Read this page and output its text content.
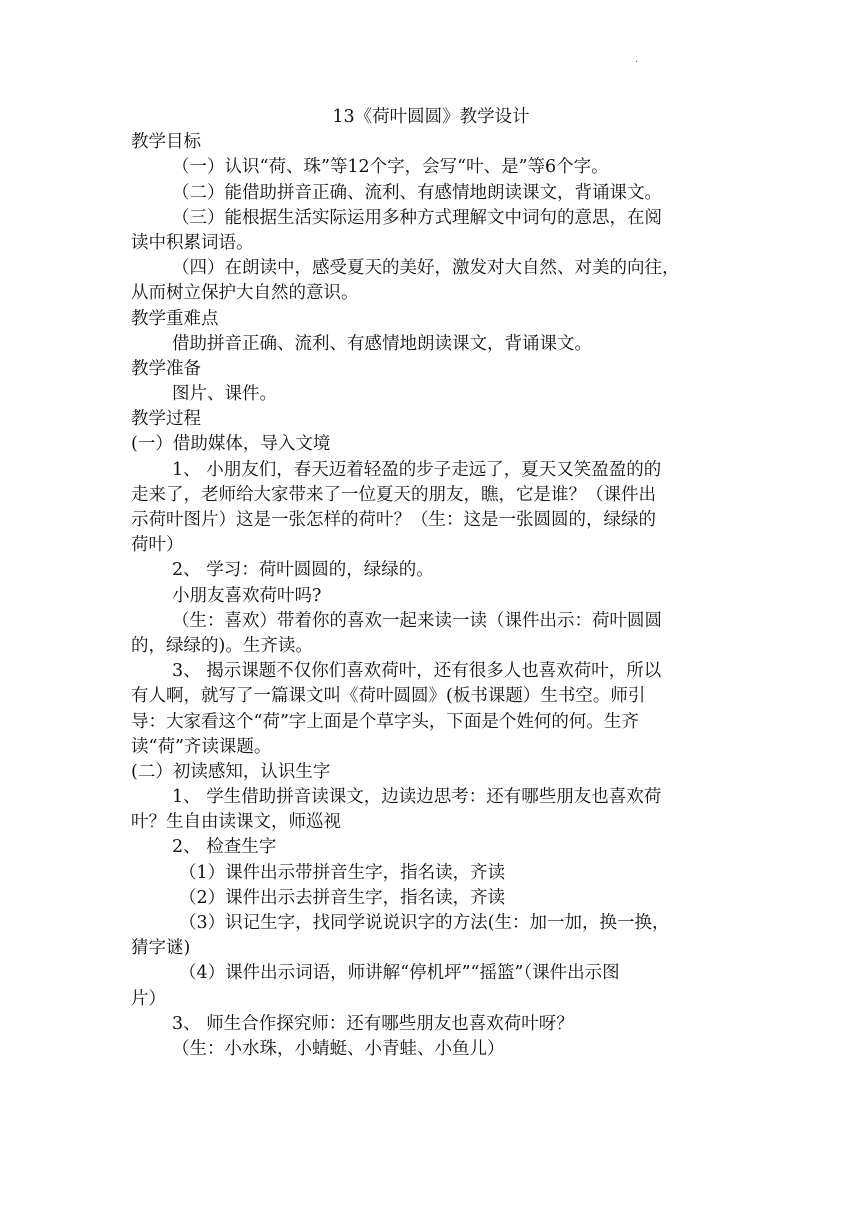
·
13《荷叶圆圆》教学设计
教学目标
（一）认识“荷、珠”等12个字，会写“叶、是”等6个字。
（二）能借助拼音正确、流利、有感情地朗读课文，背诵课文。
（三）能根据生活实际运用多种方式理解文中词句的意思，在阅
读中积累词语。
（四）在朗读中，感受夏天的美好，激发对大自然、对美的向往，
从而树立保护大自然的意识。
教学重难点
借助拼音正确、流利、有感情地朗读课文，背诵课文。
教学准备
图片、课件。
教学过程
(一）借助媒体，导入文境
1、 小朋友们，春天迈着轻盈的步子走远了，夏天又笑盈盈的的
走来了，老师给大家带来了一位夏天的朋友，瞧，它是谁？（课件出
示荷叶图片）这是一张怎样的荷叶？（生：这是一张圆圆的，绿绿的
荷叶）
2、 学习：荷叶圆圆的，绿绿的。
小朋友喜欢荷叶吗?
（生：喜欢）带着你的喜欢一起来读一读（课件出示：荷叶圆圆
的，绿绿的)。生齐读。
3、 揭示课题不仅你们喜欢荷叶，还有很多人也喜欢荷叶，所以
有人啊，就写了一篇课文叫《荷叶圆圆》(板书课题）生书空。师引
导：大家看这个“荷”字上面是个草字头，下面是个姓何的何。生齐
读“荷”齐读课题。
(二）初读感知，认识生字
1、 学生借助拼音读课文，边读边思考：还有哪些朋友也喜欢荷
叶？生自由读课文，师巡视
2、 检查生字
（1）课件出示带拼音生字，指名读，齐读
（2）课件出示去拼音生字，指名读，齐读
（3）识记生字，找同学说说识字的方法(生：加一加，换一换，
猜字谜)
（4）课件出示词语，师讲解“停机坪”“摇篮”（课件出示图
片）
3、 师生合作探究师：还有哪些朋友也喜欢荷叶呀？
（生：小水珠，小蜻蜓、小青蛙、小鱼儿）
